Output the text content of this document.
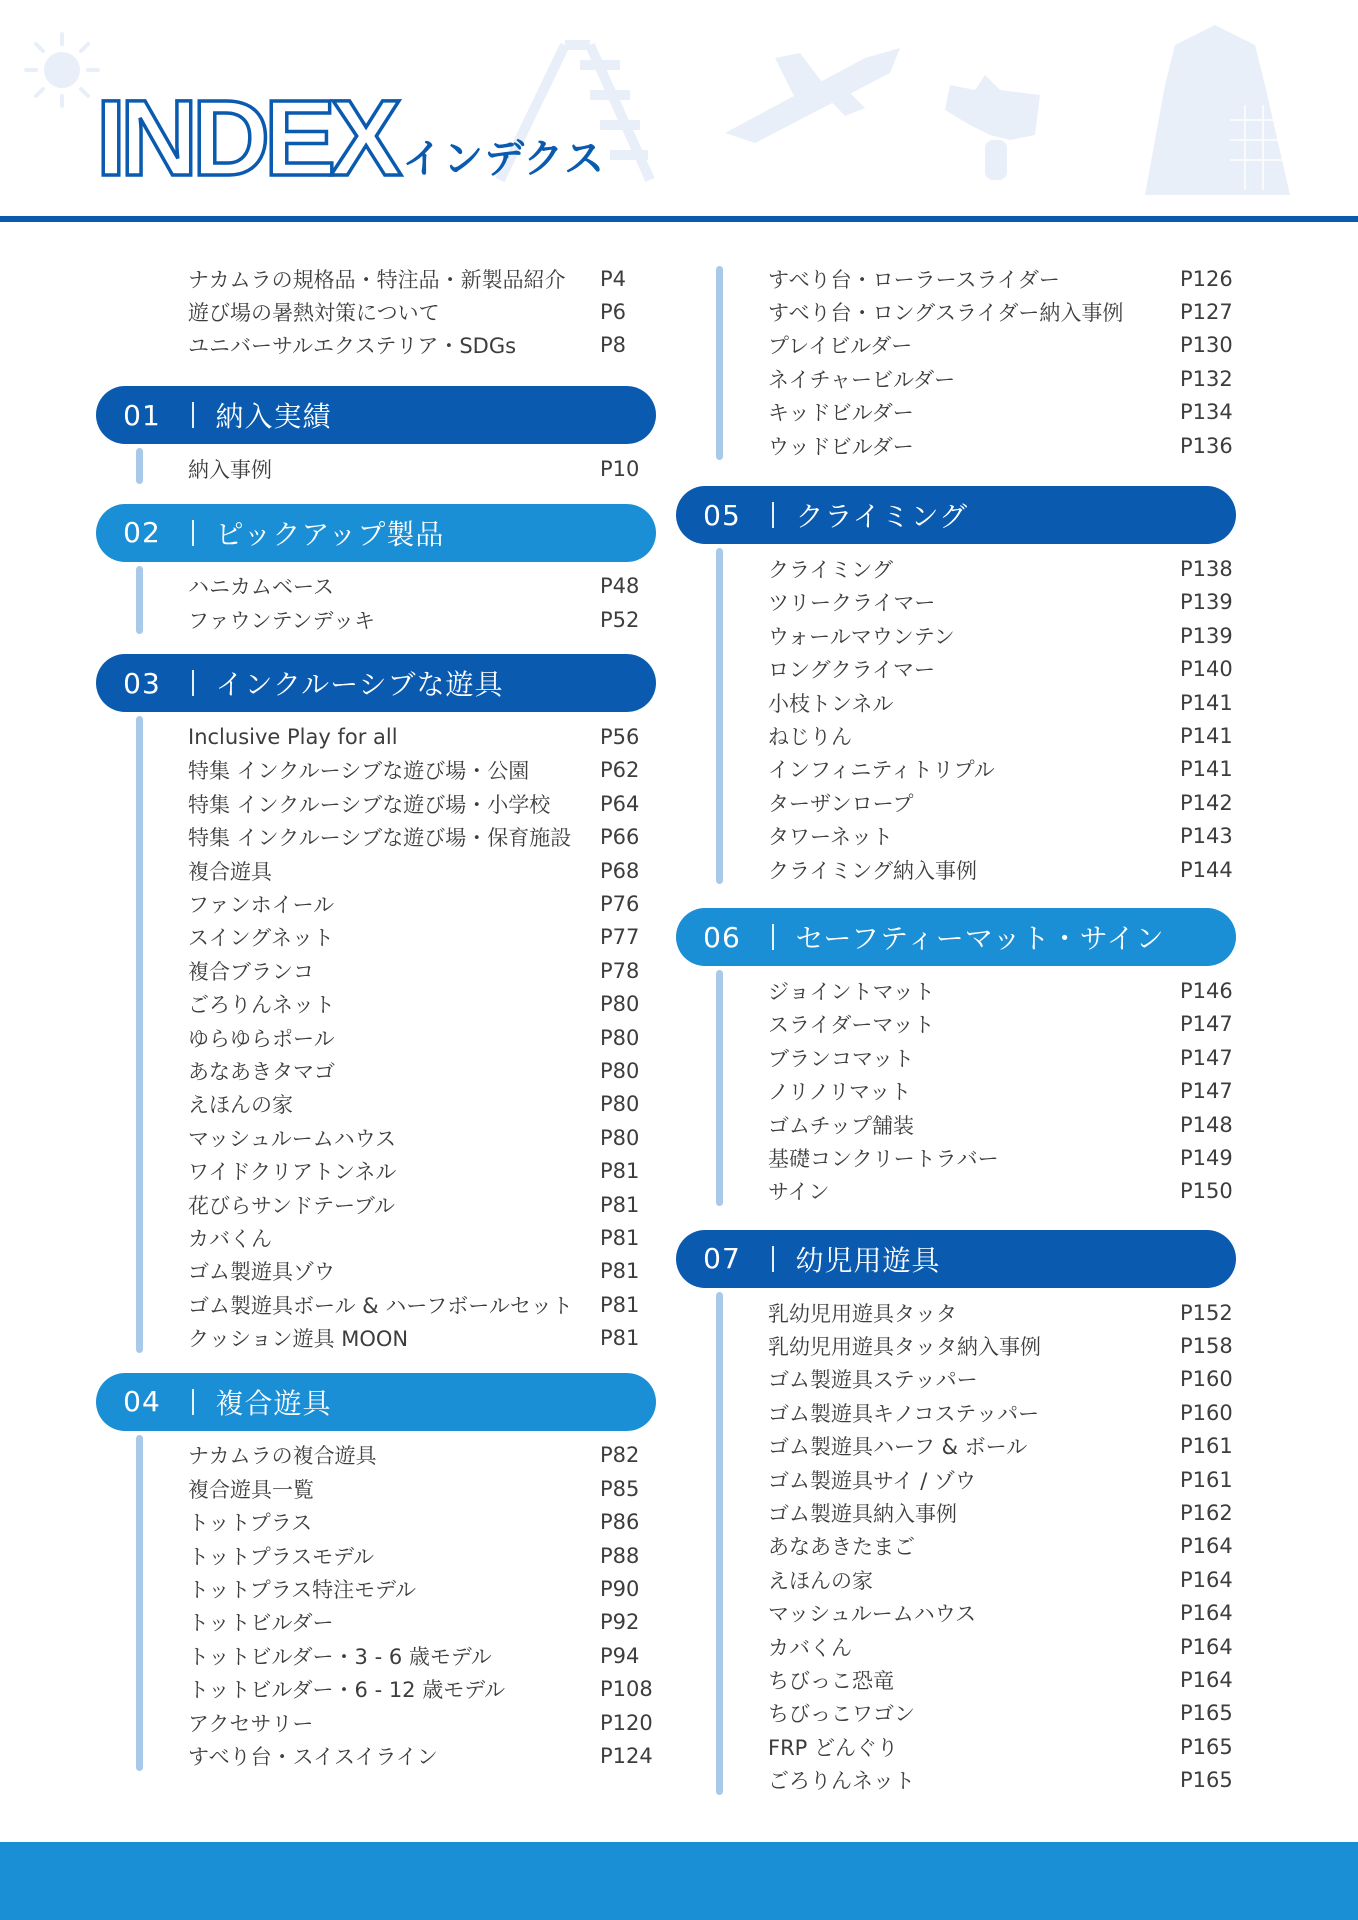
INDEX インデクス
ナカムラの規格品・特注品・新製品紹介	P4
遊び場の暑熱対策について	P6
ユニバーサルエクステリア・SDGs	P8
01	納入実績
納入事例	P10
02	ピックアップ製品
ハニカムベース	P48
ファウンテンデッキ	P52
03	インクルーシブな遊具
Inclusive Play for all	P56
特集 インクルーシブな遊び場・公園	P62
特集 インクルーシブな遊び場・小学校	P64
特集 インクルーシブな遊び場・保育施設	P66
複合遊具	P68
ファンホイール	P76
スイングネット	P77
複合ブランコ	P78
ごろりんネット	P80
ゆらゆらポール	P80
あなあきタマゴ	P80
えほんの家	P80
マッシュルームハウス	P80
ワイドクリアトンネル	P81
花びらサンドテーブル	P81
カバくん	P81
ゴム製遊具ゾウ	P81
ゴム製遊具ボール & ハーフボールセット	P81
クッション遊具 MOON	P81
04	複合遊具
ナカムラの複合遊具	P82
複合遊具一覧	P85
トットプラス	P86
トットプラスモデル	P88
トットプラス特注モデル	P90
トットビルダー	P92
トットビルダー・3 - 6 歳モデル	P94
トットビルダー・6 - 12 歳モデル	P108
アクセサリー	P120
すべり台・スイスイライン	P124
すべり台・ローラースライダー	P126
すべり台・ロングスライダー納入事例	P127
プレイビルダー	P130
ネイチャービルダー	P132
キッドビルダー	P134
ウッドビルダー	P136
05	クライミング
クライミング	P138
ツリークライマー	P139
ウォールマウンテン	P139
ロングクライマー	P140
小枝トンネル	P141
ねじりん	P141
インフィニティトリプル	P141
ターザンロープ	P142
タワーネット	P143
クライミング納入事例	P144
06	セーフティーマット・サイン
ジョイントマット	P146
スライダーマット	P147
ブランコマット	P147
ノリノリマット	P147
ゴムチップ舗装	P148
基礎コンクリートラバー	P149
サイン	P150
07	幼児用遊具
乳幼児用遊具タッタ	P152
乳幼児用遊具タッタ納入事例	P158
ゴム製遊具ステッパー	P160
ゴム製遊具キノコステッパー	P160
ゴム製遊具ハーフ & ボール	P161
ゴム製遊具サイ / ゾウ	P161
ゴム製遊具納入事例	P162
あなあきたまご	P164
えほんの家	P164
マッシュルームハウス	P164
カバくん	P164
ちびっこ恐竜	P164
ちびっこワゴン	P165
FRP どんぐり	P165
ごろりんネット	P165
